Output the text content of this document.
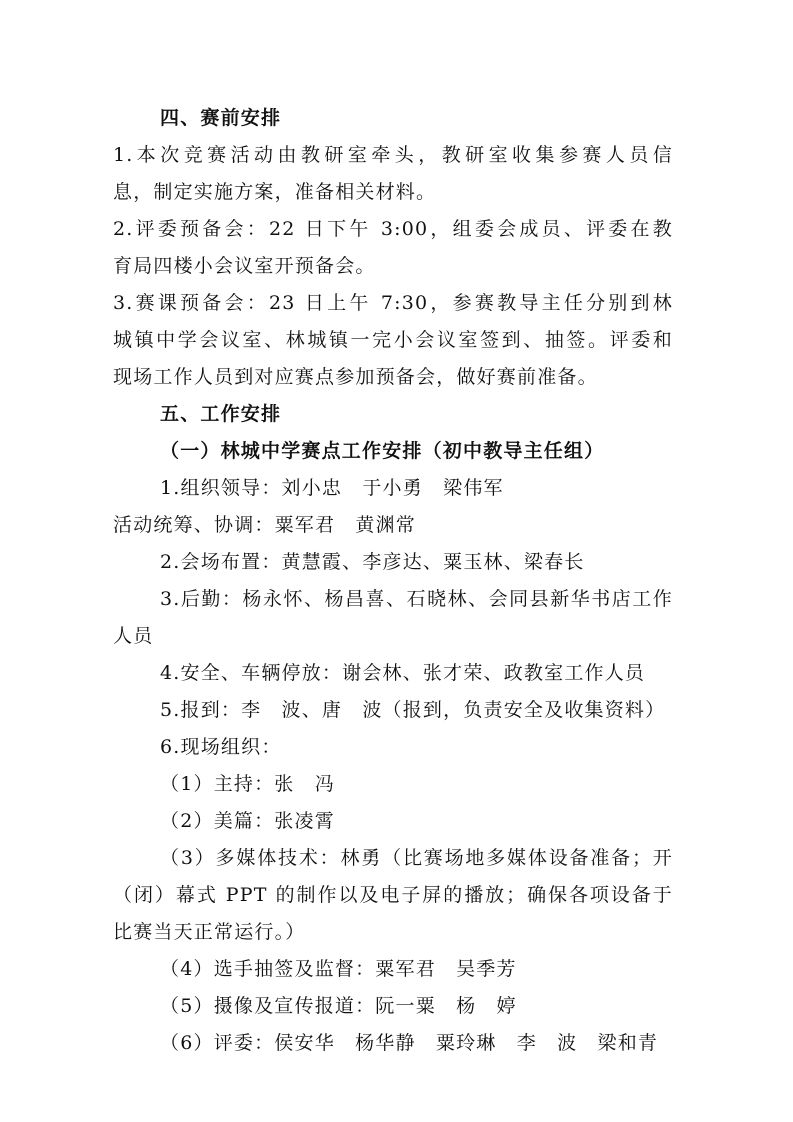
四、赛前安排
1.本次竞赛活动由教研室牵头，教研室收集参赛人员信
息，制定实施方案，准备相关材料。
2.评委预备会：22 日下午 3:00，组委会成员、评委在教
育局四楼小会议室开预备会。
3.赛课预备会：23 日上午 7:30，参赛教导主任分别到林
城镇中学会议室、林城镇一完小会议室签到、抽签。评委和
现场工作人员到对应赛点参加预备会，做好赛前准备。
五、工作安排
（一）林城中学赛点工作安排（初中教导主任组）
1.组织领导：刘小忠　于小勇　梁伟军
活动统筹、协调：粟军君　黄渊常
2.会场布置：黄慧霞、李彦达、粟玉林、梁春长
3.后勤：杨永怀、杨昌喜、石晓林、会同县新华书店工作
人员
4.安全、车辆停放：谢会林、张才荣、政教室工作人员
5.报到：李　波、唐　波（报到，负责安全及收集资料）
6.现场组织：
（1）主持：张　冯
（2）美篇：张凌霄
（3）多媒体技术：林勇（比赛场地多媒体设备准备；开
（闭）幕式 PPT 的制作以及电子屏的播放；确保各项设备于
比赛当天正常运行。）
（4）选手抽签及监督：粟军君　吴季芳
（5）摄像及宣传报道：阮一粟　杨　婷
（6）评委：侯安华　杨华静　粟玲琳　李　波　梁和青
